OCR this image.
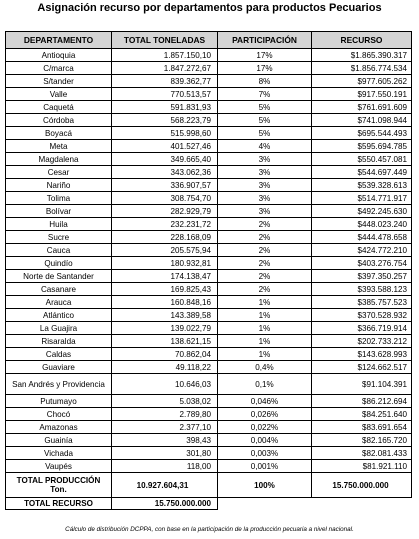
Asignación recurso por departamentos para productos Pecuarios
DEPARTAMENTO	TOTAL TONELADAS	PARTICIPACIÓN	RECURSO
Antioquia	1.857.150,10	17%	$1.865.390.317
C/marca	1.847.272,67	17%	$1.856.774.534
S/tander	839.362,77	8%	$977.605.262
Valle	770.513,57	7%	$917.550.191
Caquetá	591.831,93	5%	$761.691.609
Córdoba	568.223,79	5%	$741.098.944
Boyacá	515.998,60	5%	$695.544.493
Meta	401.527,46	4%	$595.694.785
Magdalena	349.665,40	3%	$550.457.081
Cesar	343.062,36	3%	$544.697.449
Nariño	336.907,57	3%	$539.328.613
Tolima	308.754,70	3%	$514.771.917
Bolívar	282.929,79	3%	$492.245.630
Huila	232.231,72	2%	$448.023.240
Sucre	228.168,09	2%	$444.478.658
Cauca	205.575,94	2%	$424.772.210
Quindío	180.932,81	2%	$403.276.754
Norte de Santander	174.138,47	2%	$397.350.257
Casanare	169.825,43	2%	$393.588.123
Arauca	160.848,16	1%	$385.757.523
Atlántico	143.389,58	1%	$370.528.932
La Guajira	139.022,79	1%	$366.719.914
Risaralda	138.621,15	1%	$202.733.212
Caldas	70.862,04	1%	$143.628.993
Guaviare	49.118,22	0,4%	$124.662.517
San Andrés y Providencia	10.646,03	0,1%	$91.104.391
Putumayo	5.038,02	0,046%	$86.212.694
Chocó	2.789,80	0,026%	$84.251.640
Amazonas	2.377,10	0,022%	$83.691.654
Guainía	398,43	0,004%	$82.165.720
Vichada	301,80	0,003%	$82.081.433
Vaupés	118,00	0,001%	$81.921.110
TOTAL PRODUCCIÓN Ton.	10.927.604,31	100%	15.750.000.000
TOTAL RECURSO	15.750.000.000		
Cálculo de distribución DCPPA, con base en la participación de la producción pecuaria a nivel nacional.
